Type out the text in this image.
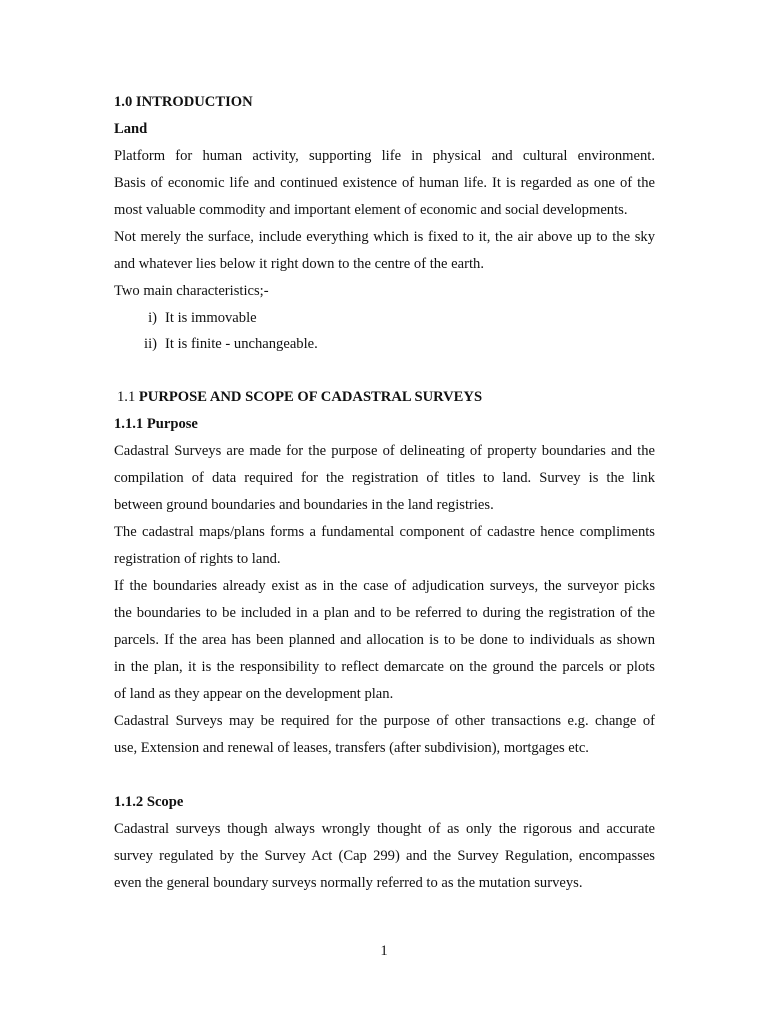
1.0 INTRODUCTION
Land
Platform for human activity, supporting life in physical and cultural environment.
Basis of economic life and continued existence of human life. It is regarded as one of the
most valuable commodity and important element of economic and social developments.
Not merely the surface, include everything which is fixed to it, the air above up to the sky
and whatever lies below it right down to the centre of the earth.
Two main characteristics;-
i) It is immovable
ii) It is finite - unchangeable.
1.1 PURPOSE AND SCOPE OF CADASTRAL SURVEYS
1.1.1 Purpose
Cadastral Surveys are made for the purpose of delineating of property boundaries and the
compilation of data required for the registration of titles to land. Survey is the link
between ground boundaries and boundaries in the land registries.
The cadastral maps/plans forms a fundamental component of cadastre hence compliments
registration of rights to land.
If the boundaries already exist as in the case of adjudication surveys, the surveyor picks
the boundaries to be included in a plan and to be referred to during the registration of the
parcels. If the area has been planned and allocation is to be done to individuals as shown
in the plan, it is the responsibility to reflect demarcate on the ground the parcels or plots
of land as they appear on the development plan.
Cadastral Surveys may be required for the purpose of other transactions e.g. change of
use, Extension and renewal of leases, transfers (after subdivision), mortgages etc.
1.1.2 Scope
Cadastral surveys though always wrongly thought of as only the rigorous and accurate
survey regulated by the Survey Act (Cap 299) and the Survey Regulation, encompasses
even the general boundary surveys normally referred to as the mutation surveys.
1
